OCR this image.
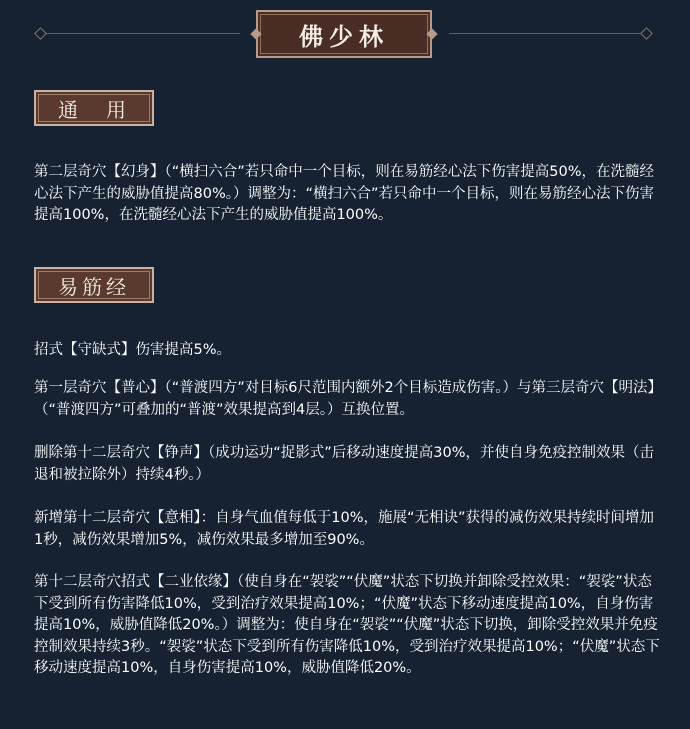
佛少林
通　用

第二层奇穴【幻身】（“横扫六合”若只命中一个目标，则在易筋经心法下伤害提高50%，在洗髓经心法下产生的威胁值提高80%。）调整为：“横扫六合”若只命中一个目标，则在易筋经心法下伤害提高100%，在洗髓经心法下产生的威胁值提高100%。

易筋经

招式【守缺式】伤害提高5%。

第一层奇穴【普心】（“普渡四方”对目标6尺范围内额外2个目标造成伤害。）与第三层奇穴【明法】（“普渡四方”可叠加的“普渡”效果提高到4层。）互换位置。

删除第十二层奇穴【铮声】（成功运功“捉影式”后移动速度提高30%，并使自身免疫控制效果（击退和被拉除外）持续4秒。）

新增第十二层奇穴【意相】：自身气血值每低于10%，施展“无相诀”获得的减伤效果持续时间增加1秒，减伤效果增加5%，减伤效果最多增加至90%。

第十二层奇穴招式【二业依缘】（使自身在“袈裟”“伏魔”状态下切换并卸除受控效果：“袈裟”状态下受到所有伤害降低10%，受到治疗效果提高10%；“伏魔”状态下移动速度提高10%，自身伤害提高10%，威胁值降低20%。）调整为：使自身在“袈裟”“伏魔”状态下切换，卸除受控效果并免疫控制效果持续3秒。“袈裟”状态下受到所有伤害降低10%，受到治疗效果提高10%；“伏魔”状态下移动速度提高10%，自身伤害提高10%，威胁值降低20%。
